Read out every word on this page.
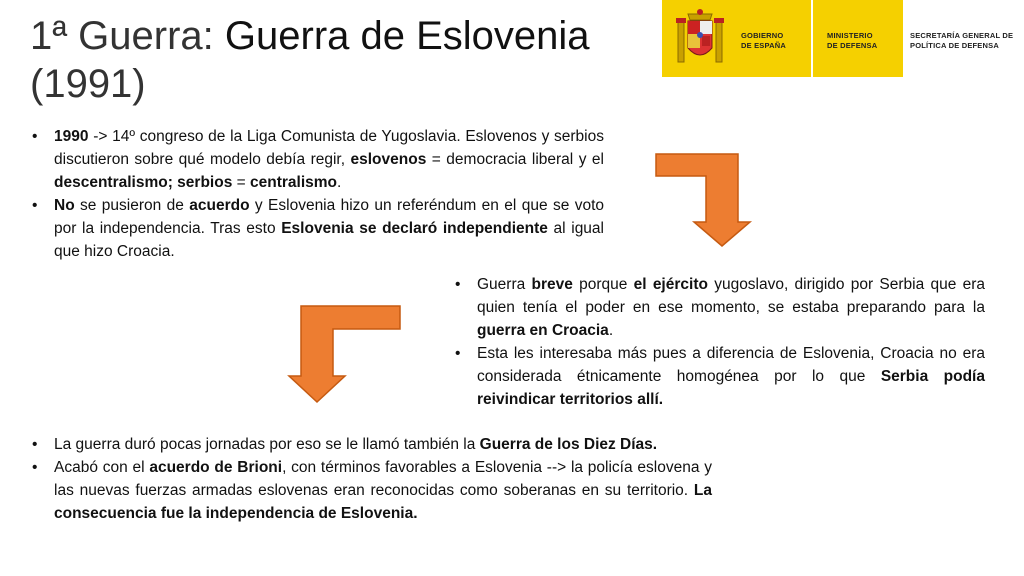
1ª Guerra: Guerra de Eslovenia
(1991)
GOBIERNO
DE ESPAÑA
MINISTERIO
DE DEFENSA
SECRETARÍA GENERAL DE
POLÍTICA DE DEFENSA
• 1990 -> 14º congreso de la Liga Comunista de Yugoslavia. Eslovenos y serbios discutieron sobre qué modelo debía regir, eslovenos = democracia liberal y el descentralismo; serbios = centralismo.
• No se pusieron de acuerdo y Eslovenia hizo un referéndum en el que se voto por la independencia. Tras esto Eslovenia se declaró independiente al igual que hizo Croacia.
• Guerra breve porque el ejército yugoslavo, dirigido por Serbia que era quien tenía el poder en ese momento, se estaba preparando para la guerra en Croacia.
• Esta les interesaba más pues a diferencia de Eslovenia, Croacia no era considerada étnicamente homogénea por lo que Serbia podía reivindicar territorios allí.
• La guerra duró pocas jornadas por eso se le llamó también la Guerra de los Diez Días.
• Acabó con el acuerdo de Brioni, con términos favorables a Eslovenia --> la policía eslovena y las nuevas fuerzas armadas eslovenas eran reconocidas como soberanas en su territorio. La consecuencia fue la independencia de Eslovenia.
